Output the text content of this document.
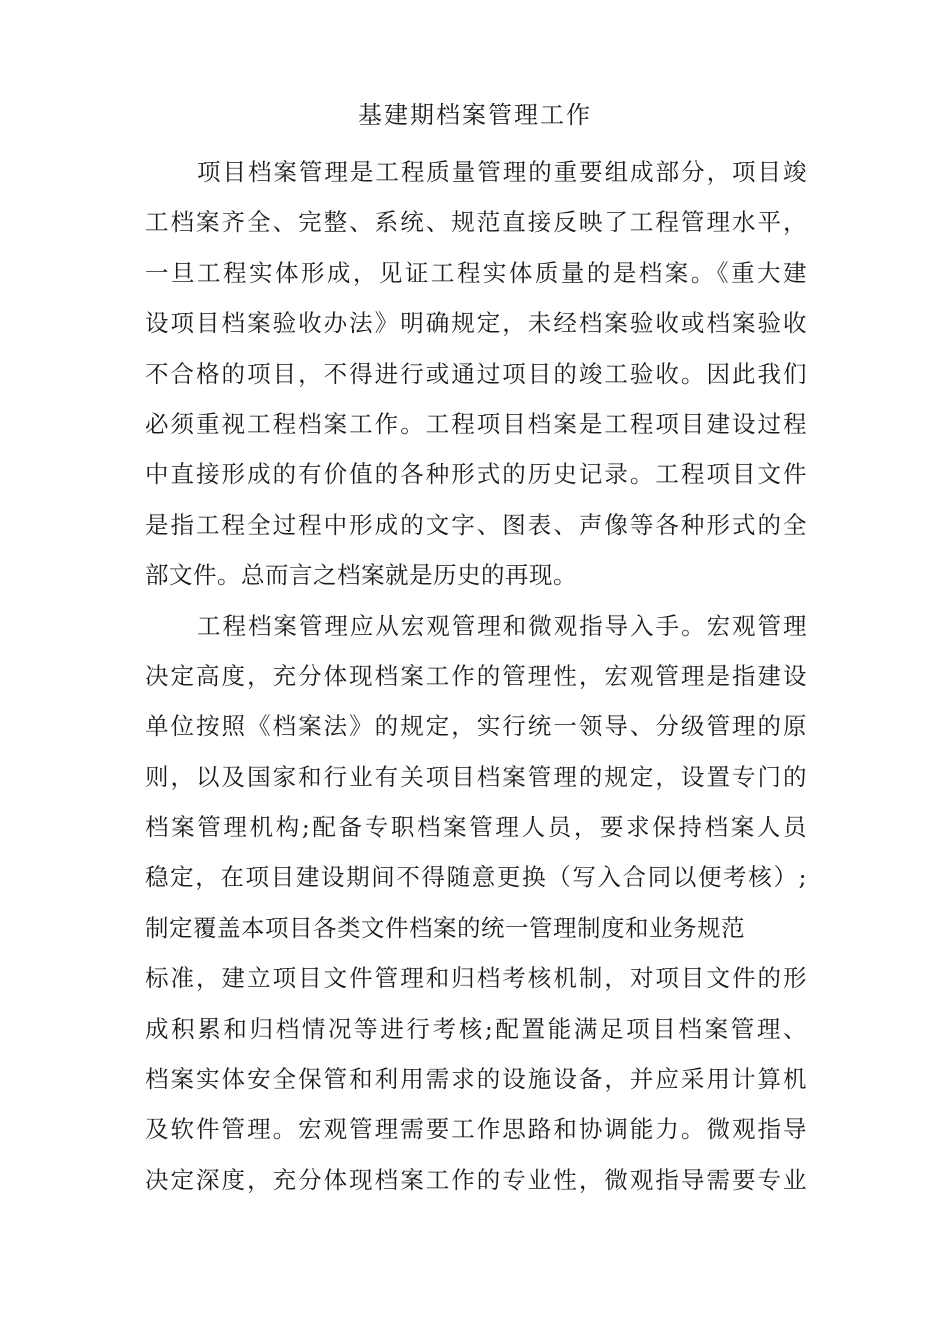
基建期档案管理工作
项目档案管理是工程质量管理的重要组成部分，项目竣
工档案齐全、完整、系统、规范直接反映了工程管理水平，
一旦工程实体形成，见证工程实体质量的是档案。《重大建
设项目档案验收办法》明确规定，未经档案验收或档案验收
不合格的项目，不得进行或通过项目的竣工验收。因此我们
必须重视工程档案工作。工程项目档案是工程项目建设过程
中直接形成的有价值的各种形式的历史记录。工程项目文件
是指工程全过程中形成的文字、图表、声像等各种形式的全
部文件。总而言之档案就是历史的再现。
工程档案管理应从宏观管理和微观指导入手。宏观管理
决定高度，充分体现档案工作的管理性，宏观管理是指建设
单位按照《档案法》的规定，实行统一领导、分级管理的原
则，以及国家和行业有关项目档案管理的规定，设置专门的
档案管理机构;配备专职档案管理人员，要求保持档案人员
稳定，在项目建设期间不得随意更换（写入合同以便考核）;
制定覆盖本项目各类文件档案的统一管理制度和业务规范
标准，建立项目文件管理和归档考核机制，对项目文件的形
成积累和归档情况等进行考核;配置能满足项目档案管理、
档案实体安全保管和利用需求的设施设备，并应采用计算机
及软件管理。宏观管理需要工作思路和协调能力。微观指导
决定深度，充分体现档案工作的专业性，微观指导需要专业
